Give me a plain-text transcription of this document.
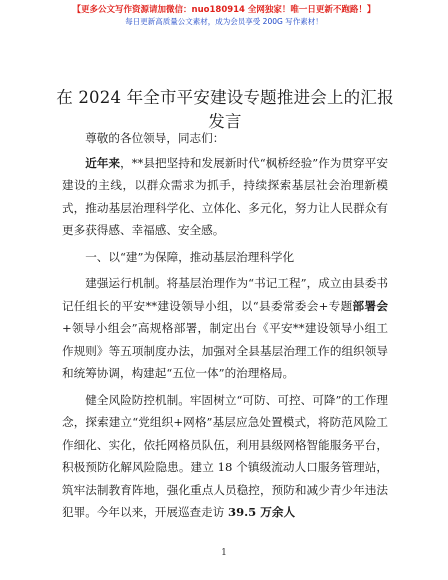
【更多公文写作资源请加微信：nuo180914 全网独家！唯一日更新不跑路！】
每日更新高质量公文素材，成为会员享受 200G 写作素材！
在 2024 年全市平安建设专题推进会上的汇报发言

尊敬的各位领导，同志们：

近年来，**县把坚持和发展新时代“枫桥经验”作为贯穿平安建设的主线，以群众需求为抓手，持续探索基层社会治理新模式，推动基层治理科学化、立体化、多元化，努力让人民群众有更多获得感、幸福感、安全感。

一、以“建”为保障，推动基层治理科学化

建强运行机制。将基层治理作为“书记工程”，成立由县委书记任组长的平安**建设领导小组，以“县委常委会+专题部署会+领导小组会”高规格部署，制定出台《平安**建设领导小组工作规则》等五项制度办法，加强对全县基层治理工作的组织领导和统筹协调，构建起“五位一体”的治理格局。

健全风险防控机制。牢固树立“可防、可控、可降”的工作理念，探索建立“党组织+网格”基层应急处置模式，将防范风险工作细化、实化，依托网格员队伍，利用县级网格智能服务平台，积极预防化解风险隐患。建立 18 个镇级流动人口服务管理站，筑牢法制教育阵地，强化重点人员稳控，预防和减少青少年违法犯罪。今年以来，开展巡查走访 39.5 万余人

1
